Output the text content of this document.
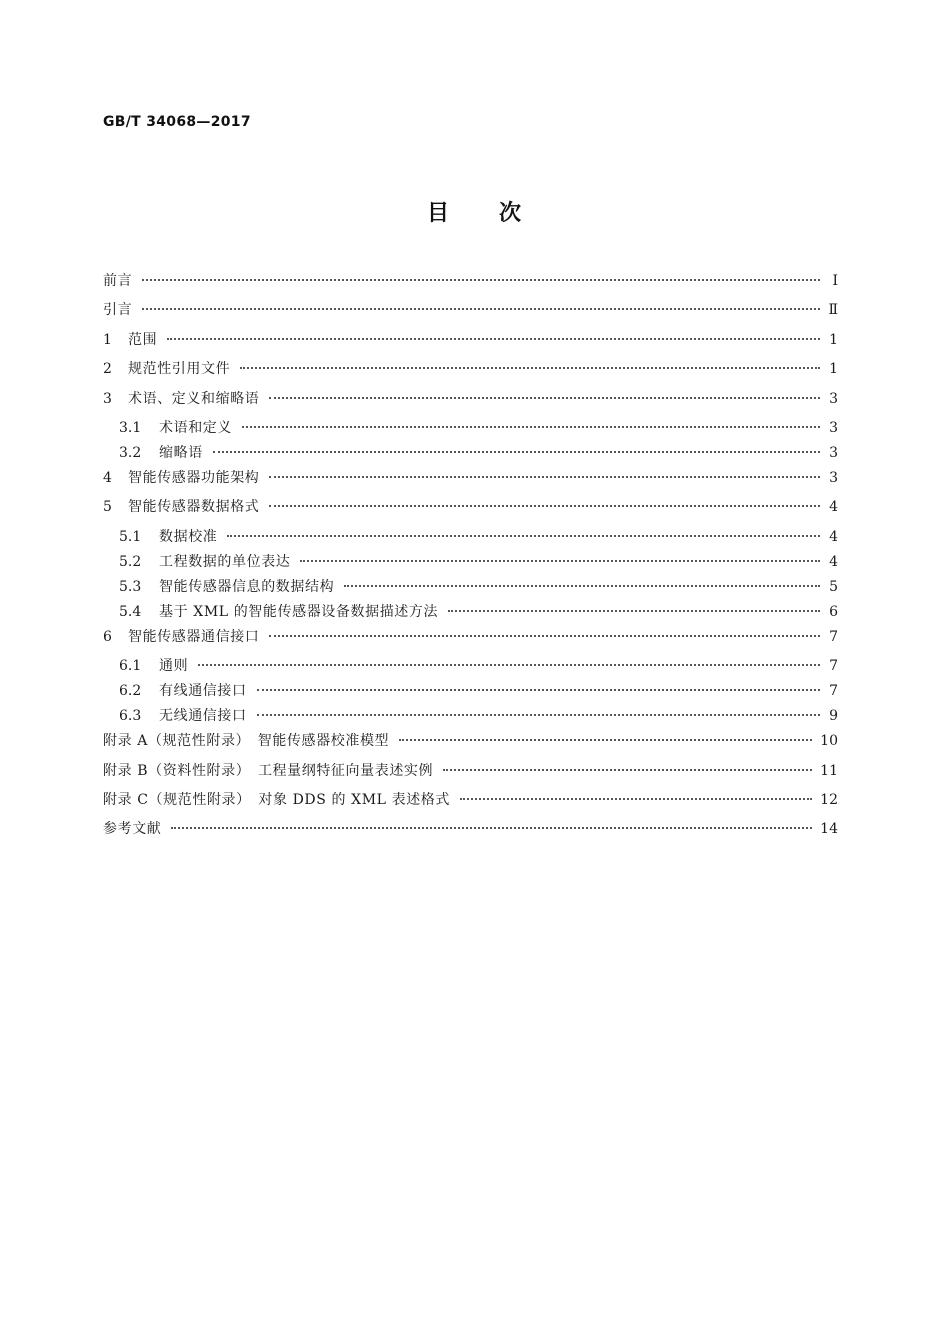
GB/T 34068—2017
目　　次
前言	Ⅰ
引言	Ⅱ
1	范围	1
2	规范性引用文件	1
3	术语、定义和缩略语	3
3.1	术语和定义	3
3.2	缩略语	3
4	智能传感器功能架构	3
5	智能传感器数据格式	4
5.1	数据校准	4
5.2	工程数据的单位表达	4
5.3	智能传感器信息的数据结构	5
5.4	基于 XML 的智能传感器设备数据描述方法	6
6	智能传感器通信接口	7
6.1	通则	7
6.2	有线通信接口	7
6.3	无线通信接口	9
附录 A（规范性附录）　智能传感器校准模型	10
附录 B（资料性附录）　工程量纲特征向量表述实例	11
附录 C（规范性附录）　对象 DDS 的 XML 表述格式	12
参考文献	14
